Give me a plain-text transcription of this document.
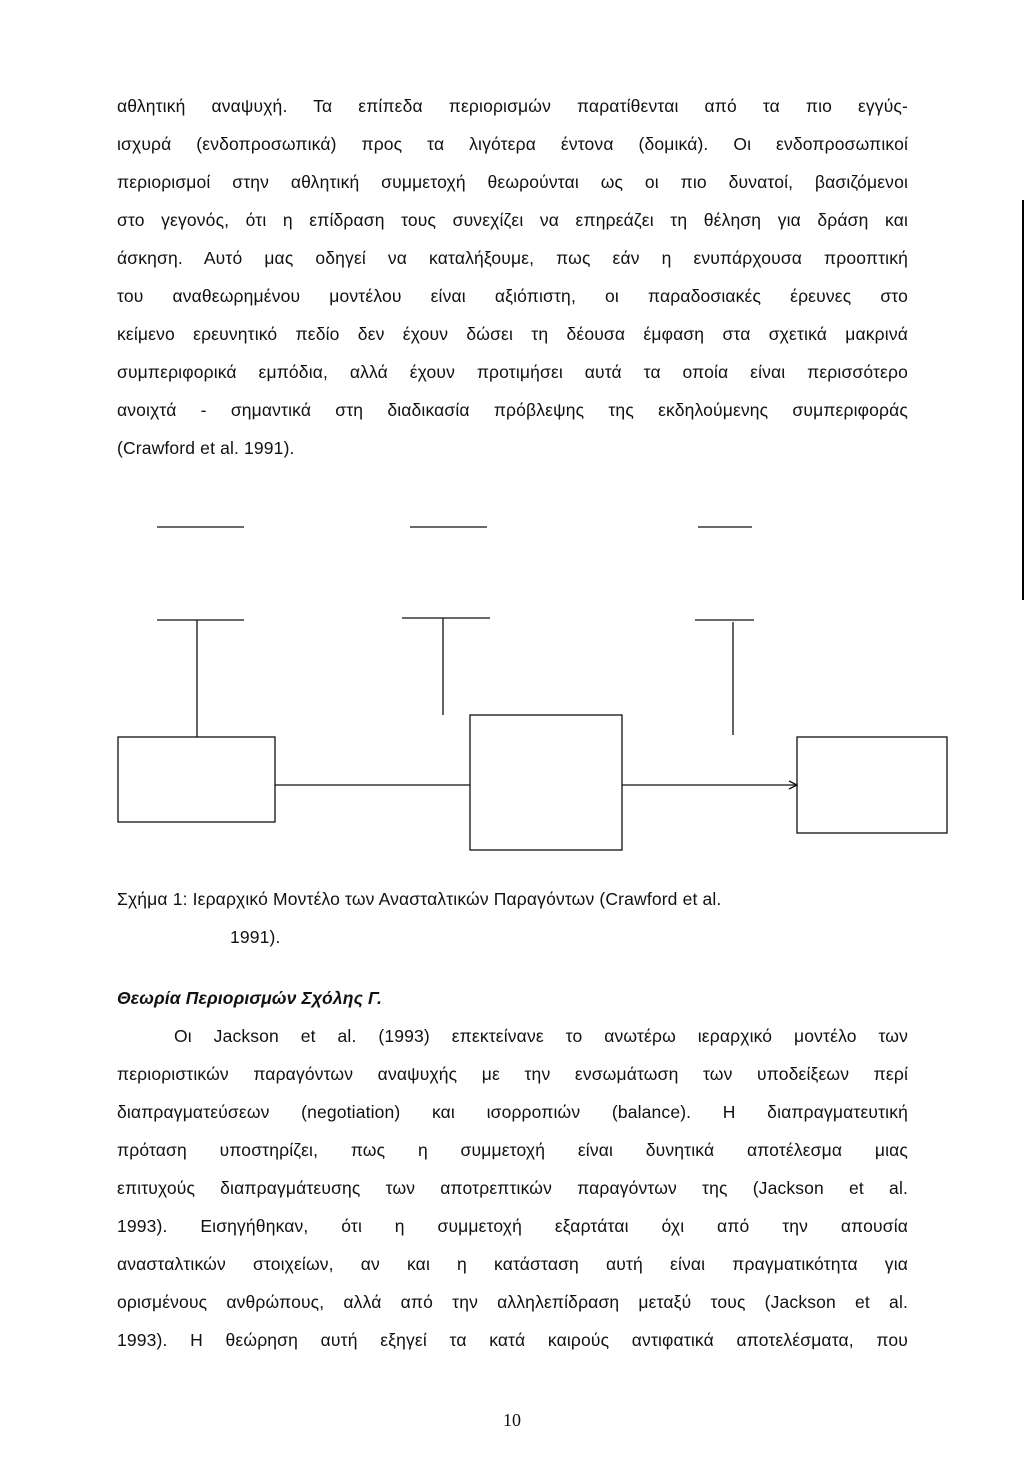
αθλητική αναψυχή. Τα επίπεδα περιορισμών παρατίθενται από τα πιο εγγύς-
ισχυρά (ενδοπροσωπικά) προς τα λιγότερα έντονα (δομικά). Οι ενδοπροσωπικοί
περιορισμοί στην αθλητική συμμετοχή θεωρούνται ως οι πιο δυνατοί, βασιζόμενοι
στο γεγονός, ότι η επίδραση τους συνεχίζει να επηρεάζει τη θέληση για δράση και
άσκηση. Αυτό μας οδηγεί να καταλήξουμε, πως εάν η ενυπάρχουσα προοπτική
του αναθεωρημένου μοντέλου είναι αξιόπιστη, οι παραδοσιακές έρευνες στο
κείμενο ερευνητικό πεδίο δεν έχουν δώσει τη δέουσα έμφαση στα σχετικά μακρινά
συμπεριφορικά εμπόδια, αλλά έχουν προτιμήσει αυτά τα οποία είναι περισσότερο
ανοιχτά - σημαντικά στη διαδικασία πρόβλεψης της εκδηλούμενης συμπεριφοράς
(Crawford et al. 1991).
Σχήμα 1: Ιεραρχικό Μοντέλο των Ανασταλτικών Παραγόντων (Crawford et al.
1991).
Θεωρία Περιορισμών Σχόλης Γ.
Οι Jackson et al. (1993) επεκτείνανε το ανωτέρω ιεραρχικό μοντέλο των
περιοριστικών παραγόντων αναψυχής με την ενσωμάτωση των υποδείξεων περί
διαπραγματεύσεων (negotiation) και ισορροπιών (balance). Η διαπραγματευτική
πρόταση υποστηρίζει, πως η συμμετοχή είναι δυνητικά αποτέλεσμα μιας
επιτυχούς διαπραγμάτευσης των αποτρεπτικών παραγόντων της (Jackson et al.
1993). Εισηγήθηκαν, ότι η συμμετοχή εξαρτάται όχι από την απουσία
ανασταλτικών στοιχείων, αν και η κατάσταση αυτή είναι πραγματικότητα για
ορισμένους ανθρώπους, αλλά από την αλληλεπίδραση μεταξύ τους (Jackson et al.
1993). Η θεώρηση αυτή εξηγεί τα κατά καιρούς αντιφατικά αποτελέσματα, που
10
